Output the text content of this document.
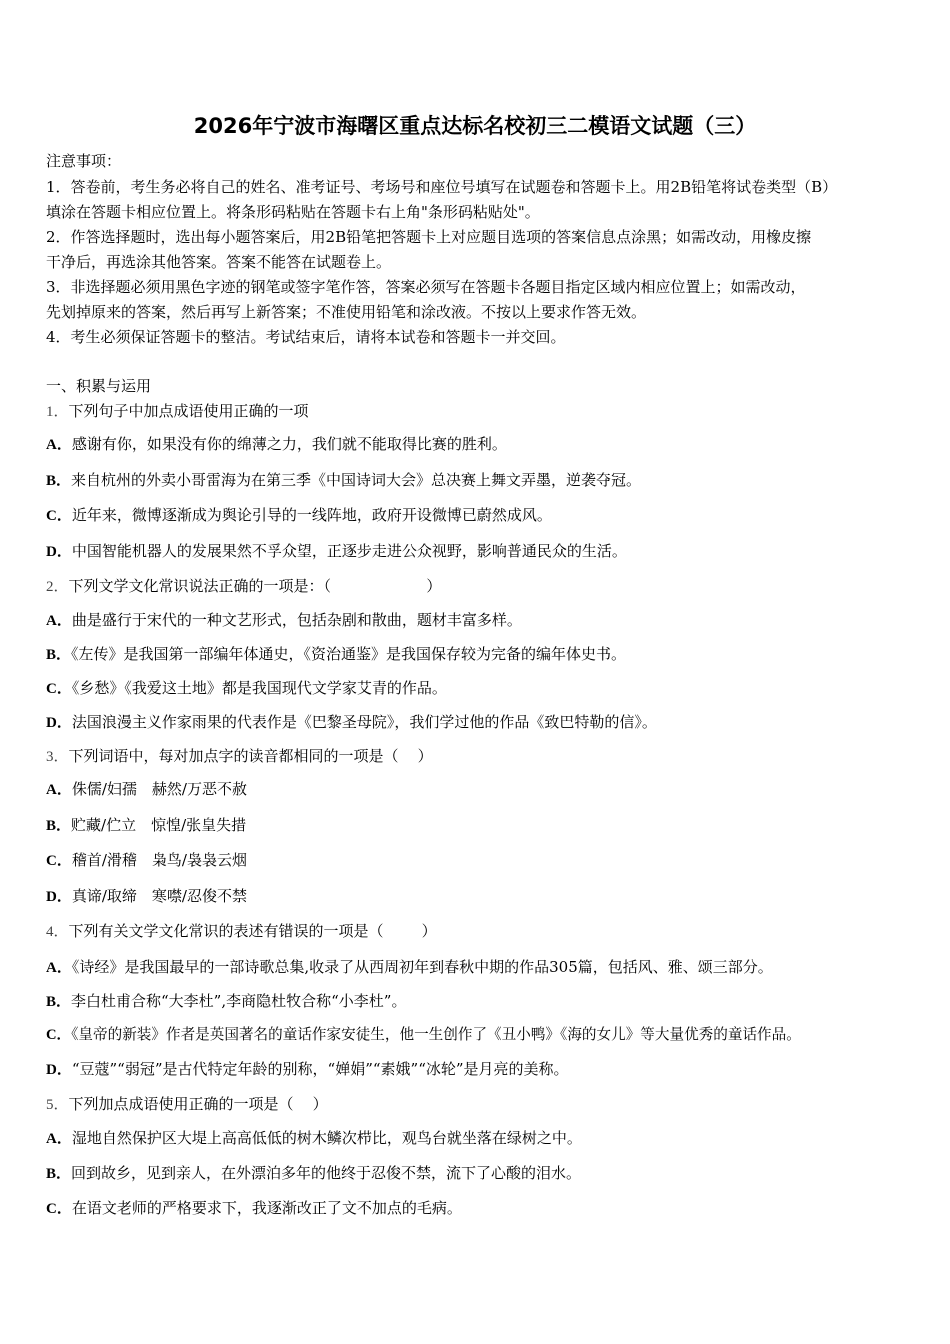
2026年宁波市海曙区重点达标名校初三二模语文试题（三）
注意事项：
1．答卷前，考生务必将自己的姓名、准考证号、考场号和座位号填写在试题卷和答题卡上。用2B铅笔将试卷类型（B）
填涂在答题卡相应位置上。将条形码粘贴在答题卡右上角"条形码粘贴处"。
2．作答选择题时，选出每小题答案后，用2B铅笔把答题卡上对应题目选项的答案信息点涂黑；如需改动，用橡皮擦
干净后，再选涂其他答案。答案不能答在试题卷上。
3．非选择题必须用黑色字迹的钢笔或签字笔作答，答案必须写在答题卡各题目指定区域内相应位置上；如需改动，
先划掉原来的答案，然后再写上新答案；不准使用铅笔和涂改液。不按以上要求作答无效。
4．考生必须保证答题卡的整洁。考试结束后，请将本试卷和答题卡一并交回。
一、积累与运用
1．下列句子中加点成语使用正确的一项
A．感谢有你，如果没有你的绵薄之力，我们就不能取得比赛的胜利。
B．来自杭州的外卖小哥雷海为在第三季《中国诗词大会》总决赛上舞文弄墨，逆袭夺冠。
C．近年来，微博逐渐成为舆论引导的一线阵地，政府开设微博已蔚然成风。
D．中国智能机器人的发展果然不孚众望，正逐步走进公众视野，影响普通民众的生活。
2．下列文学文化常识说法正确的一项是：（                    ）
A．曲是盛行于宋代的一种文艺形式，包括杂剧和散曲，题材丰富多样。
B．《左传》是我国第一部编年体通史，《资治通鉴》是我国保存较为完备的编年体史书。
C．《乡愁》《我爱这土地》都是我国现代文学家艾青的作品。
D．法国浪漫主义作家雨果的代表作是《巴黎圣母院》，我们学过他的作品《致巴特勒的信》。
3．下列词语中，每对加点字的读音都相同的一项是（    ）
A．侏儒/妇孺　赫然/万恶不赦
B．贮藏/伫立　惊惶/张皇失措
C．稽首/滑稽　枭鸟/袅袅云烟
D．真谛/取缔　寒噤/忍俊不禁
4．下列有关文学文化常识的表述有错误的一项是（        ）
A．《诗经》是我国最早的一部诗歌总集,收录了从西周初年到春秋中期的作品305篇，包括风、雅、颂三部分。
B．李白杜甫合称“大李杜”,李商隐杜牧合称“小李杜”。
C．《皇帝的新装》作者是英国著名的童话作家安徒生，他一生创作了《丑小鸭》《海的女儿》等大量优秀的童话作品。
D．“豆蔻”“弱冠”是古代特定年龄的别称，“婵娟”“素娥”“冰轮”是月亮的美称。
5．下列加点成语使用正确的一项是（    ）
A．湿地自然保护区大堤上高高低低的树木鳞次栉比，观鸟台就坐落在绿树之中。
B．回到故乡，见到亲人，在外漂泊多年的他终于忍俊不禁，流下了心酸的泪水。
C．在语文老师的严格要求下，我逐渐改正了文不加点的毛病。
